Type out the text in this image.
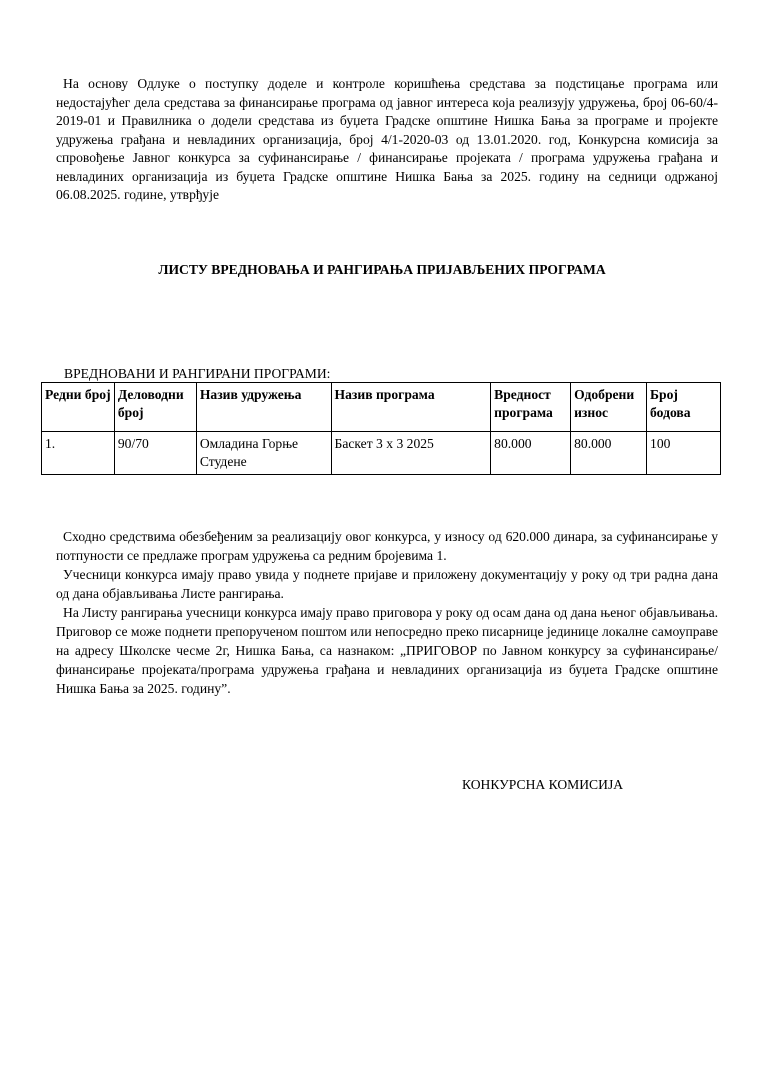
На основу Одлуке о поступку доделе и контроле коришћења средстава за подстицање програма или недостајућег дела средстава за финансирање програма од јавног интереса која реализују удружења, број 06-60/4-2019-01 и Правилника о додели средстава из буџета Градске општине Нишка Бања за програме и пројекте удружења грађана и невладиних организација, број 4/1-2020-03 од 13.01.2020. год, Конкурсна комисија за спровођење Јавног конкурса за суфинансирање / финансирање пројеката / програма удружења грађана и невладиних организација из буџета Градске општине Нишка Бања за 2025. годину на седници одржаној 06.08.2025. године, утврђује

ЛИСТУ ВРЕДНОВАЊА И РАНГИРАЊА ПРИЈАВЉЕНИХ ПРОГРАМА

ВРЕДНОВАНИ И РАНГИРАНИ ПРОГРАМИ:

Редни број	Деловодни број	Назив удружења	Назив програма	Вредност програма	Одобрени износ	Број бодова
1.	90/70	Омладина Горње Студене	Баскет 3 х 3 2025	80.000	80.000	100

Сходно средствима обезбеђеним за реализацију овог конкурса, у износу од 620.000 динара, за суфинансирање у потпуности се предлаже програм удружења са редним бројевима 1.

Учесници конкурса имају право увида у поднете пријаве и приложену документацију у року од три радна дана од дана објављивања Листе рангирања.

На Листу рангирања учесници конкурса имају право приговора у року од осам дана од дана њеног објављивања. Приговор се може поднети препорученом поштом или непосредно преко писарнице јединице локалне самоуправе на адресу Школске чесме 2г, Нишка Бања, са назнаком: „ПРИГОВОР по Јавном конкурсу за суфинансирање/финансирање пројеката/програма удружења грађана и невладиних организација из буџета Градске општине Нишка Бања за 2025. годину”.

КОНКУРСНА КОМИСИЈА
